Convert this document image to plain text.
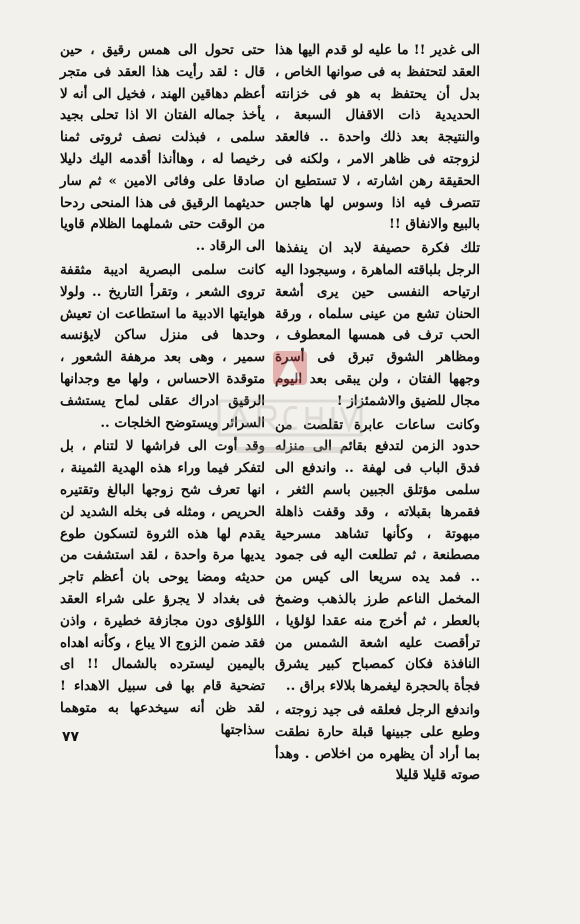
حتى تحول الى همس رقيق ، حين قال : لقد رأيت هذا العقد فى متجر أعظم دهاقين الهند ، فخيل الى أنه لا يأخذ جماله الفتان الا اذا تحلى بجيد سلمى ، فبذلت نصف ثروتى ثمنا رخيصا له ، وهاأنذا أقدمه اليك دليلا صادقا على وفائى الامين » ثم سار حديثهما الرقيق فى هذا المنحى ردحا من الوقت حتى شملهما الظلام قاويا الى الرقاد ..

كانت سلمى البصرية اديبة مثقفة تروى الشعر ، وتقرأ التاريخ .. ولولا هوايتها الادبية ما استطاعت ان تعيش وحدها فى منزل ساكن لايؤنسه سمير ، وهى بعد مرهفة الشعور ، متوقدة الاحساس ، ولها مع وجدانها الرقيق ادراك عقلى لماح يستشف السرائر ويستوضح الخلجات ..

وقد أوت الى فراشها لا لتنام ، بل لتفكر فيما وراء هذه الهدية الثمينة ، انها تعرف شح زوجها البالغ وتقتيره الحريص ، ومثله فى بخله الشديد لن يقدم لها هذه الثروة لتسكون طوع يديها مرة واحدة ، لقد استشفت من حديثه ومضا يوحى بان أعظم تاجر فى بغداد لا يجرؤ على شراء العقد اللؤلؤى دون مجازفة خطيرة ، واذن فقد ضمن الزوج الا يباع ، وكأنه اهداه باليمين ليسترده بالشمال !! اى تضحية قام بها فى سبيل الاهداء ! لقد ظن أنه سيخدعها به متوهما سذاجتها

الى غدير !! ما عليه لو قدم اليها هذا العقد لتحتفظ به فى صوانها الخاص ، بدل أن يحتفظ به هو فى خزانته الحديدية ذات الاقفال السبعة ، والنتيجة بعد ذلك واحدة .. فالعقد لزوجته فى ظاهر الامر ، ولكنه فى الحقيقة رهن اشارته ، لا تستطيع ان تتصرف فيه اذا وسوس لها هاجس بالبيع والانفاق !!

تلك فكرة حصيفة لابد ان ينفذها الرجل بلباقته الماهرة ، وسيجودا اليه ارتياحه النفسى حين يرى أشعة الحنان تشع من عينى سلماه ، ورقة الحب ترف فى همسها المعطوف ، ومظاهر الشوق تبرق فى أسرة وجهها الفتان ، ولن يبقى بعد اليوم مجال للضيق والاشمئزاز !

وكانت ساعات عابرة تقلصت من حدود الزمن لتدفع بقائم الى منزله فدق الباب فى لهفة .. واندفع الى سلمى مؤتلق الجبين باسم الثغر ، فقمرها بقبلاته ، وقد وقفت ذاهلة مبهوتة ، وكأنها تشاهد مسرحية مصطنعة ، ثم تطلعت اليه فى جمود .. فمد يده سريعا الى كيس من المخمل الناعم طرز بالذهب وضمخ بالعطر ، ثم أخرج منه عقدا لؤلؤيا ، ترأقصت عليه اشعة الشمس من النافذة فكان كمصباح كبير يشرق فجأة بالحجرة ليغمرها بلالاء براق ..

واندفع الرجل فعلقه فى جيد زوجته ، وطبع على جبينها قبلة حارة نطقت بما أراد أن يظهره من اخلاص . وهدأ صوته قليلا قليلا

٧٧
